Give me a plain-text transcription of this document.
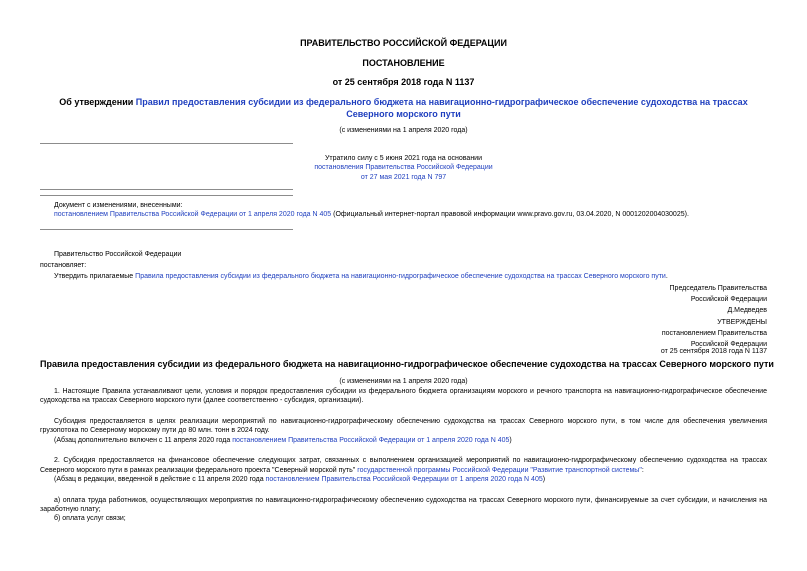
ПРАВИТЕЛЬСТВО РОССИЙСКОЙ ФЕДЕРАЦИИ
ПОСТАНОВЛЕНИЕ
от 25 сентября 2018 года N 1137
Об утверждении Правил предоставления субсидии из федерального бюджета на навигационно-гидрографическое обеспечение судоходства на трассах Северного морского пути
(с изменениями на 1 апреля 2020 года)
Утратило силу с 5 июня 2021 года на основании
постановления Правительства Российской Федерации
от 27 мая 2021 года N 797
Документ с изменениями, внесенными:
постановлением Правительства Российской Федерации от 1 апреля 2020 года N 405 (Официальный интернет-портал правовой информации www.pravo.gov.ru, 03.04.2020, N 0001202004030025).
Правительство Российской Федерации
постановляет:
Утвердить прилагаемые Правила предоставления субсидии из федерального бюджета на навигационно-гидрографическое обеспечение судоходства на трассах Северного морского пути.
Председатель Правительства
Российской Федерации
Д.Медведев
УТВЕРЖДЕНЫ
постановлением Правительства
Российской Федерации
Правила предоставления субсидии из федерального бюджета на навигационно-гидрографическое обеспечение судоходства на трассах Северного морского пути
от 25 сентября 2018 года N 1137
(с изменениями на 1 апреля 2020 года)

1. Настоящие Правила устанавливают цели, условия и порядок предоставления субсидии из федерального бюджета организациям морского и речного транспорта на навигационно-гидрографическое обеспечение судоходства на трассах Северного морского пути (далее соответственно - субсидия, организации).

Субсидия предоставляется в целях реализации мероприятий по навигационно-гидрографическому обеспечению судоходства на трассах Северного морского пути, в том числе для обеспечения увеличения грузопотока по Северному морскому пути до 80 млн. тонн в 2024 году.

(Абзац дополнительно включен с 11 апреля 2020 года постановлением Правительства Российской Федерации от 1 апреля 2020 года N 405)

2. Субсидия предоставляется на финансовое обеспечение следующих затрат, связанных с выполнением организацией мероприятий по навигационно-гидрографическому обеспечению судоходства на трассах Северного морского пути в рамках реализации федерального проекта "Северный морской путь" государственной программы Российской Федерации "Развитие транспортной системы":

(Абзац в редакции, введенной в действие с 11 апреля 2020 года постановлением Правительства Российской Федерации от 1 апреля 2020 года N 405)

а) оплата труда работников, осуществляющих мероприятия по навигационно-гидрографическому обеспечению судоходства на трассах Северного морского пути, финансируемые за счет субсидии, и начисления на заработную плату;

б) оплата услуг связи;
